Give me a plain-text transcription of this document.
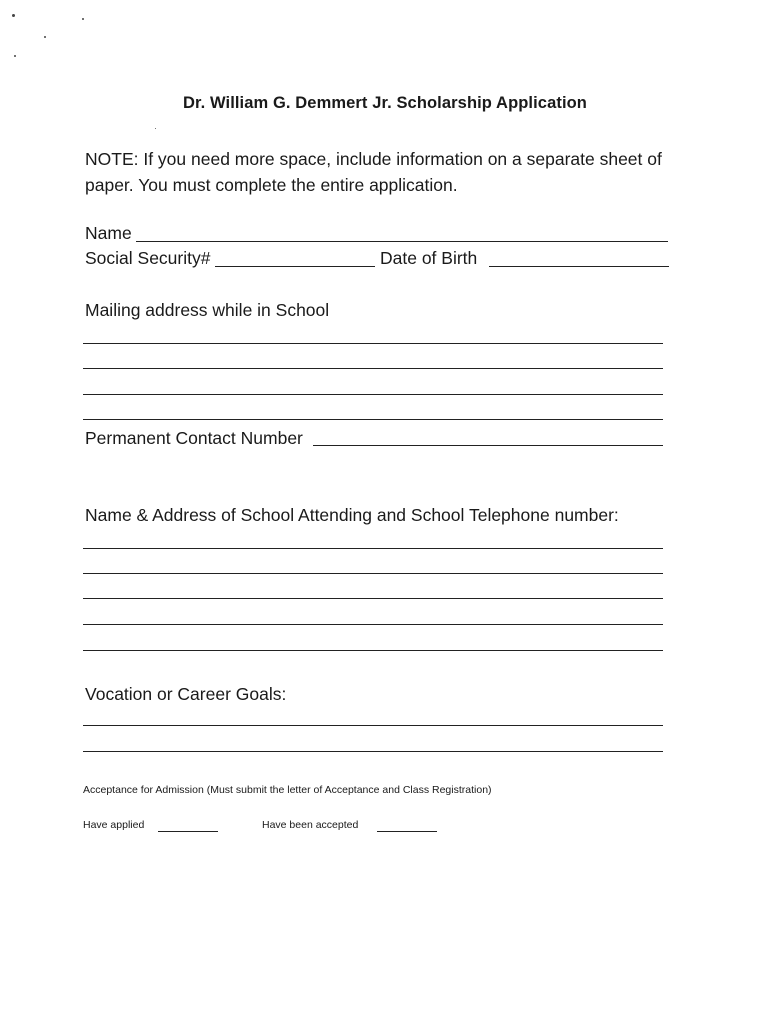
Dr. William G. Demmert Jr. Scholarship Application
NOTE: If you need more space, include information on a separate sheet of paper. You must complete the entire application.
Name
Social Security#	Date of Birth
Mailing address while in School
Permanent Contact Number
Name & Address of School Attending and School Telephone number:
Vocation or Career Goals:
Acceptance for Admission (Must submit the letter of Acceptance and Class Registration)
Have applied	Have been accepted
